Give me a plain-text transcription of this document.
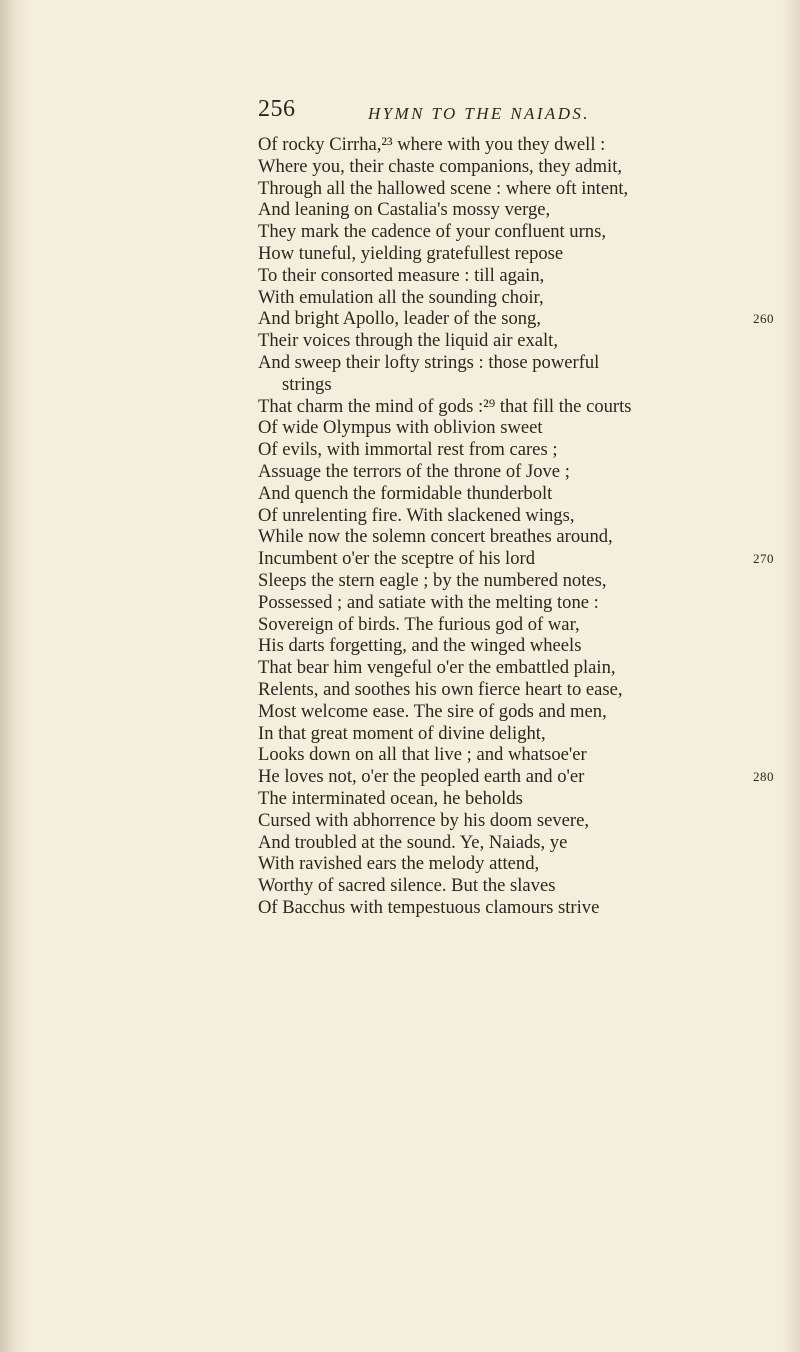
256	HYMN TO THE NAIADS.
Of rocky Cirrha,²³ where with you they dwell :
Where you, their chaste companions, they admit,
Through all the hallowed scene : where oft intent,
And leaning on Castalia's mossy verge,
They mark the cadence of your confluent urns,
How tuneful, yielding gratefullest repose
To their consorted measure : till again,
With emulation all the sounding choir,
And bright Apollo, leader of the song,	260
Their voices through the liquid air exalt,
And sweep their lofty strings : those powerful
strings
That charm the mind of gods :²⁹ that fill the courts
Of wide Olympus with oblivion sweet
Of evils, with immortal rest from cares ;
Assuage the terrors of the throne of Jove ;
And quench the formidable thunderbolt
Of unrelenting fire. With slackened wings,
While now the solemn concert breathes around,
Incumbent o'er the sceptre of his lord	270
Sleeps the stern eagle ; by the numbered notes,
Possessed ; and satiate with the melting tone :
Sovereign of birds. The furious god of war,
His darts forgetting, and the winged wheels
That bear him vengeful o'er the embattled plain,
Relents, and soothes his own fierce heart to ease,
Most welcome ease. The sire of gods and men,
In that great moment of divine delight,
Looks down on all that live ; and whatsoe'er
He loves not, o'er the peopled earth and o'er	280
The interminated ocean, he beholds
Cursed with abhorrence by his doom severe,
And troubled at the sound. Ye, Naiads, ye
With ravished ears the melody attend,
Worthy of sacred silence. But the slaves
Of Bacchus with tempestuous clamours strive
